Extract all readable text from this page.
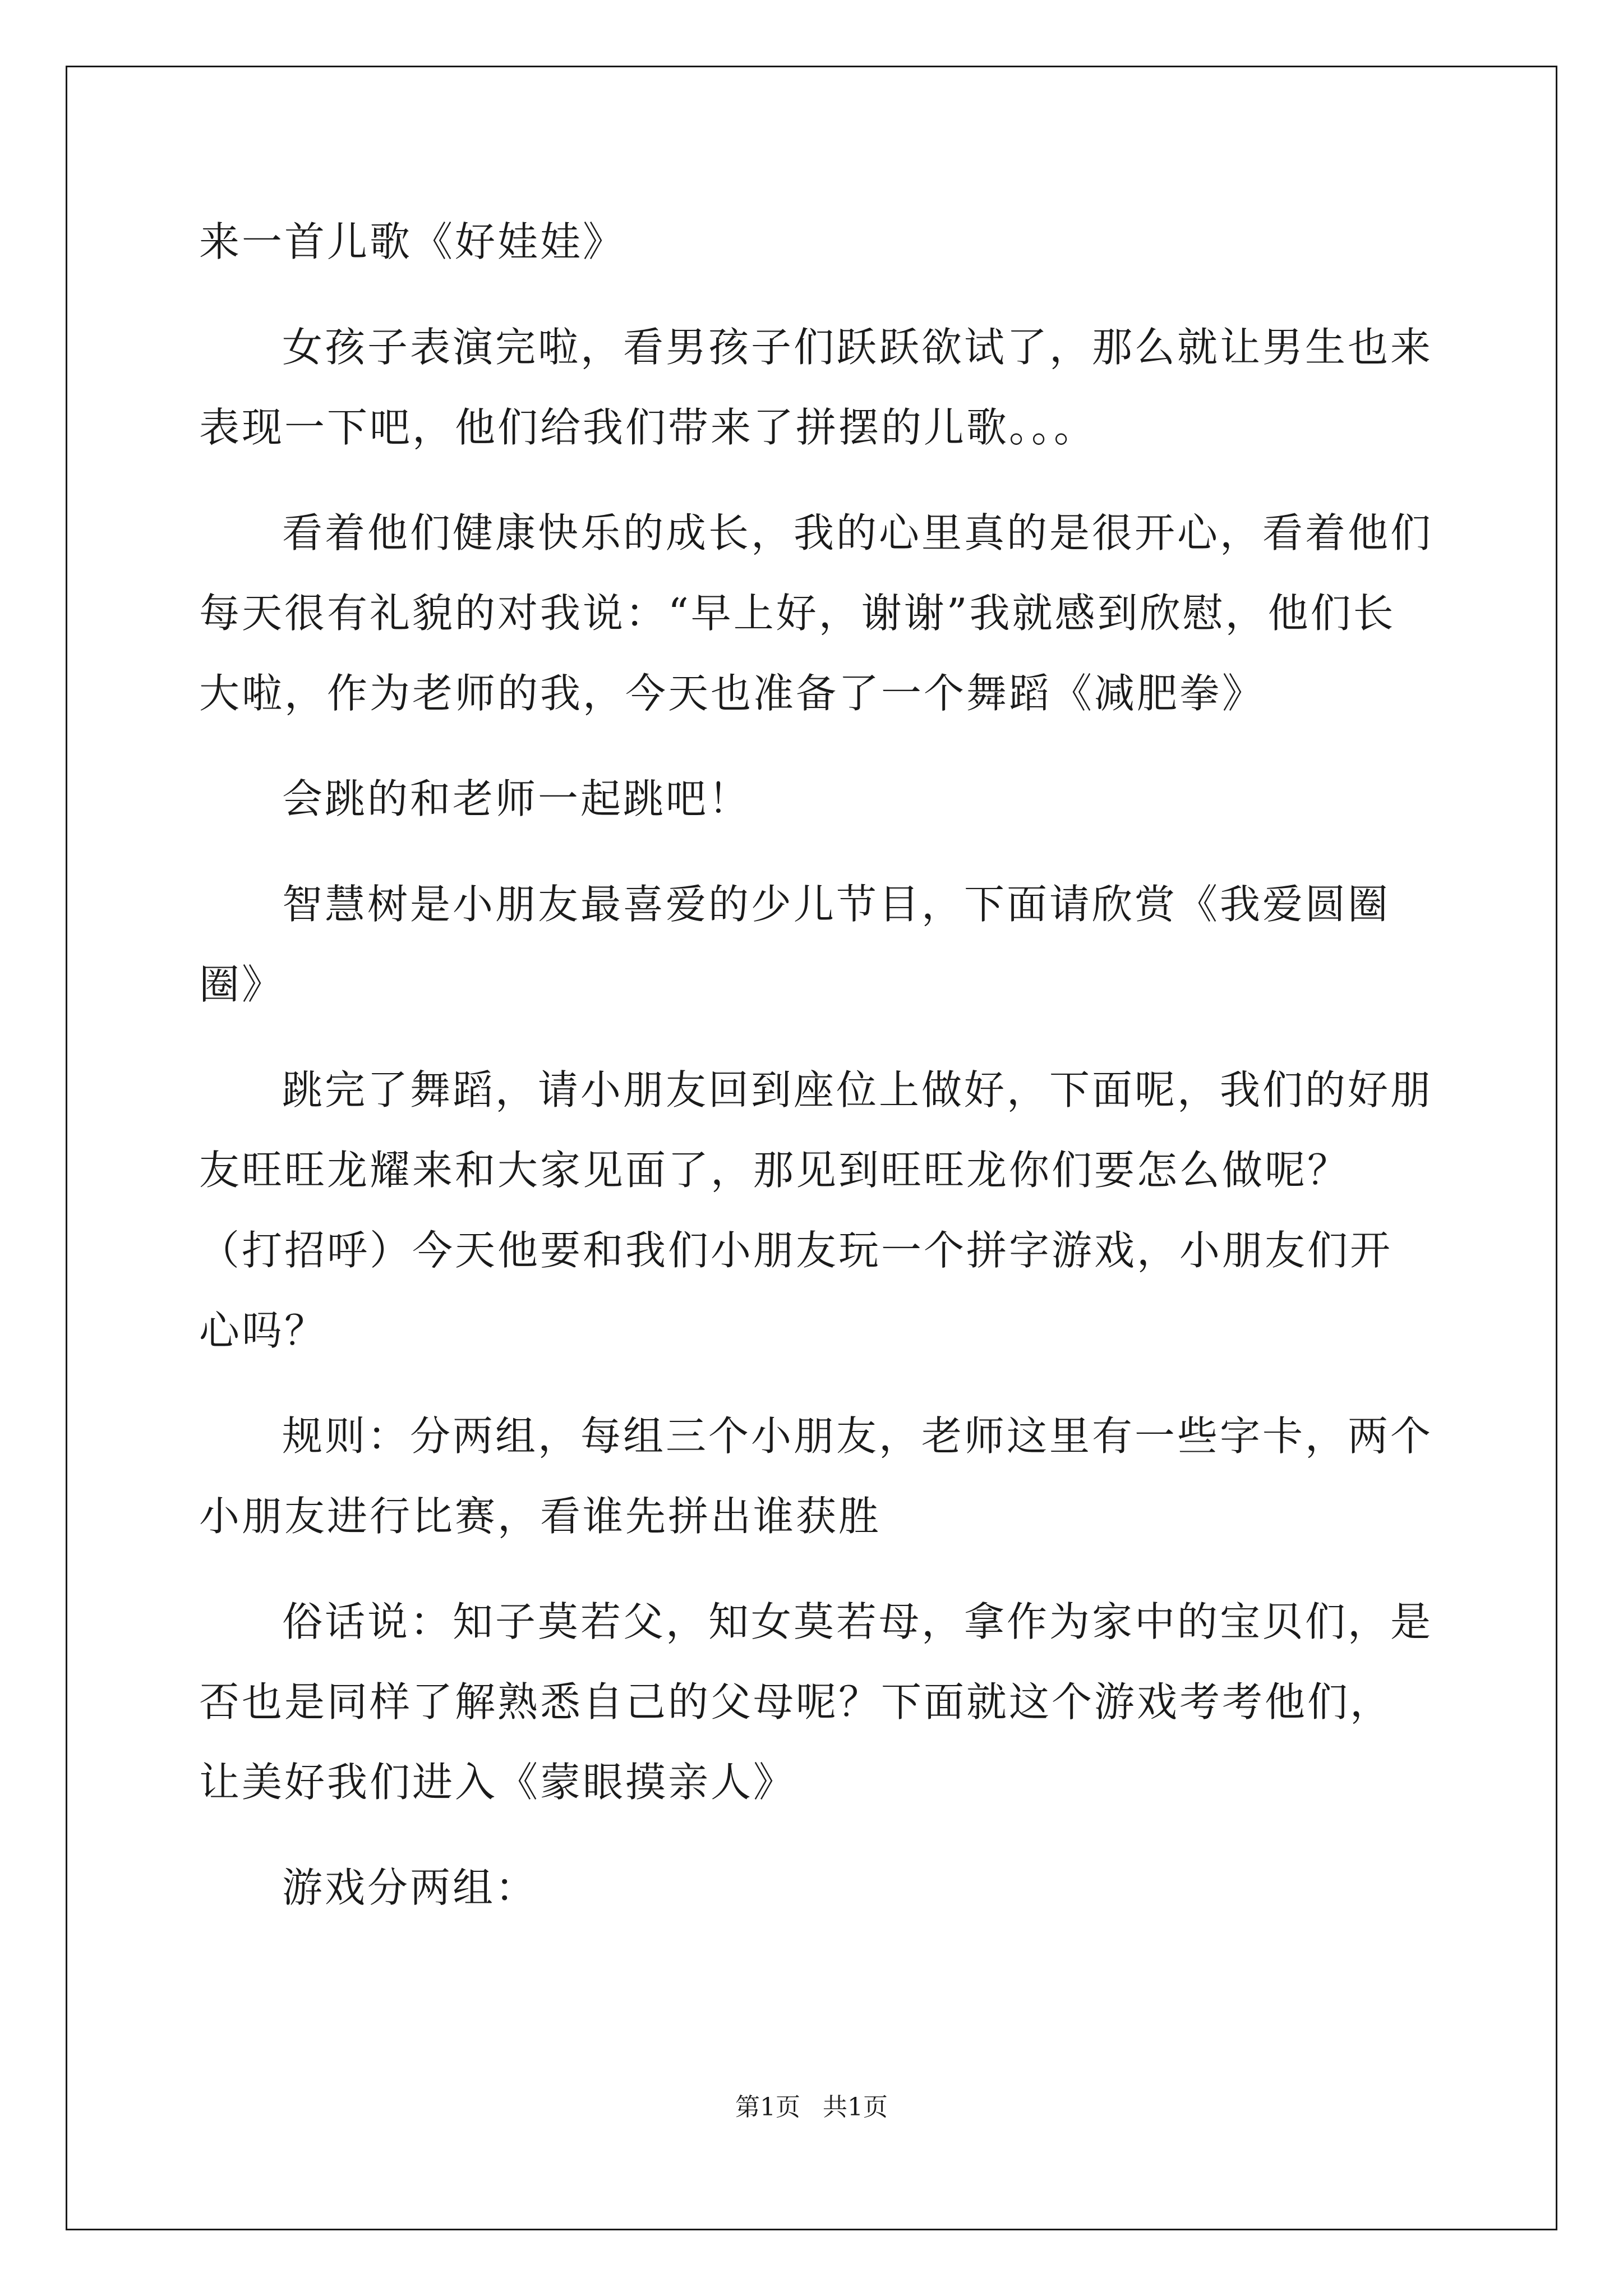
来一首儿歌《好娃娃》

女孩子表演完啦，看男孩子们跃跃欲试了，那么就让男生也来表现一下吧，他们给我们带来了拼摆的儿歌。。。

看着他们健康快乐的成长，我的心里真的是很开心，看着他们每天很有礼貌的对我说：“早上好，谢谢”我就感到欣慰，他们长大啦，作为老师的我，今天也准备了一个舞蹈《减肥拳》

会跳的和老师一起跳吧！

智慧树是小朋友最喜爱的少儿节目，下面请欣赏《我爱圆圈圈》

跳完了舞蹈，请小朋友回到座位上做好，下面呢，我们的好朋友旺旺龙耀来和大家见面了，那见到旺旺龙你们要怎么做呢？（打招呼）今天他要和我们小朋友玩一个拼字游戏，小朋友们开心吗？

规则：分两组，每组三个小朋友，老师这里有一些字卡，两个小朋友进行比赛，看谁先拼出谁获胜

俗话说：知子莫若父，知女莫若母，拿作为家中的宝贝们，是否也是同样了解熟悉自己的父母呢？下面就这个游戏考考他们，让美好我们进入《蒙眼摸亲人》

游戏分两组：

第1页 共1页
